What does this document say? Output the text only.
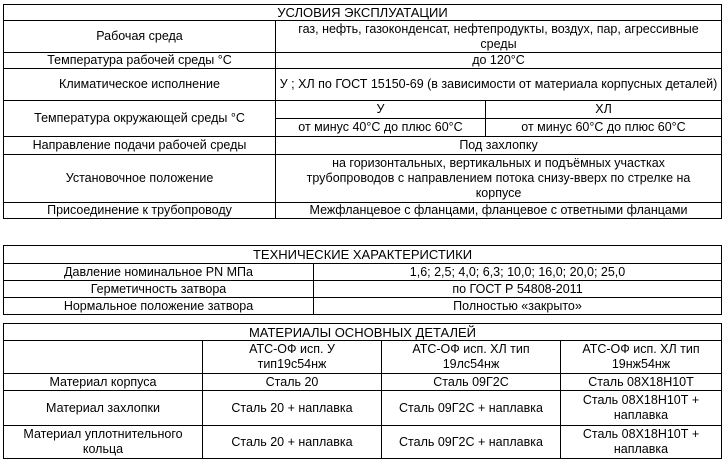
УСЛОВИЯ ЭКСПЛУАТАЦИИ		
Рабочая среда	газ, нефть, газоконденсат, нефтепродукты, воздух, пар, агрессивные среды	
Температура рабочей среды °С	до 120°С	
Климатическое исполнение	У ; ХЛ по ГОСТ 15150-69 (в зависимости от материала корпусных деталей)	
Температура окружающей среды °С	У	ХЛ
	от минус 40°С до плюс 60°С	от минус 60°С до плюс 60°С
Направление подачи рабочей среды	Под захлопку	
Установочное положение	на горизонтальных, вертикальных и подъёмных участках трубопроводов с направлением потока снизу-вверх по стрелке на корпусе	
Присоединение к трубопроводу	Межфланцевое с фланцами, фланцевое с ответными фланцами	
ТЕХНИЧЕСКИЕ ХАРАКТЕРИСТИКИ	
Давление номинальное PN МПа	1,6; 2,5; 4,0; 6,3; 10,0; 16,0; 20,0; 25,0
Герметичность затвора	по ГОСТ Р 54808-2011
Нормальное положение затвора	Полностью «закрыто»
МАТЕРИАЛЫ ОСНОВНЫХ ДЕТАЛЕЙ			
	АТС-ОФ исп. У тип19с54нж	АТС-ОФ исп. ХЛ тип 19лс54нж	АТС-ОФ исп. ХЛ тип 19нж54нж
Материал корпуса	Сталь 20	Сталь 09Г2С	Сталь 08Х18Н10Т
Материал захлопки	Сталь 20 + наплавка	Сталь 09Г2С + наплавка	Сталь 08Х18Н10Т + наплавка
Материал уплотнительного кольца	Сталь 20 + наплавка	Сталь 09Г2С + наплавка	Сталь 08Х18Н10Т + наплавка
